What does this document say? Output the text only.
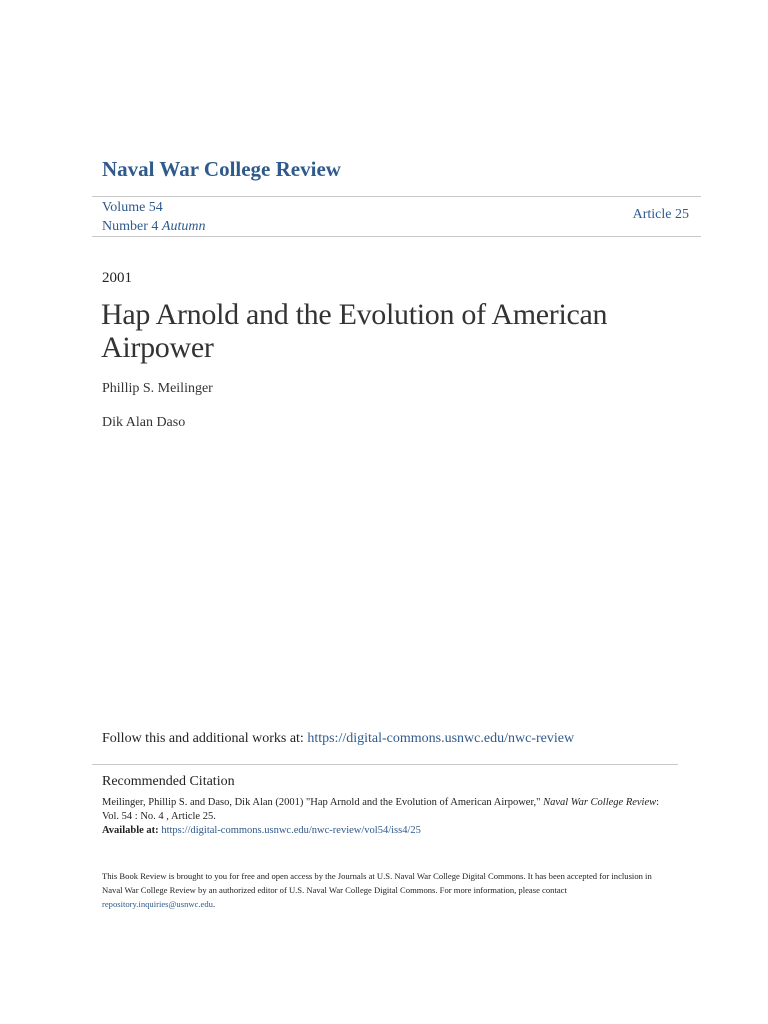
Naval War College Review
Volume 54
Number 4 Autumn
Article 25
2001
Hap Arnold and the Evolution of American Airpower
Phillip S. Meilinger
Dik Alan Daso
Follow this and additional works at: https://digital-commons.usnwc.edu/nwc-review
Recommended Citation
Meilinger, Phillip S. and Daso, Dik Alan (2001) "Hap Arnold and the Evolution of American Airpower," Naval War College Review: Vol. 54 : No. 4 , Article 25.
Available at: https://digital-commons.usnwc.edu/nwc-review/vol54/iss4/25
This Book Review is brought to you for free and open access by the Journals at U.S. Naval War College Digital Commons. It has been accepted for inclusion in Naval War College Review by an authorized editor of U.S. Naval War College Digital Commons. For more information, please contact
repository.inquiries@usnwc.edu.
